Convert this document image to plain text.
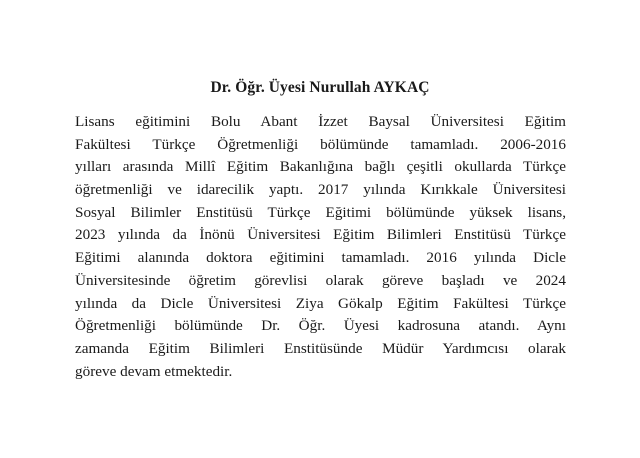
Dr. Öğr. Üyesi Nurullah AYKAÇ
Lisans eğitimini Bolu Abant İzzet Baysal Üniversitesi Eğitim
Fakültesi Türkçe Öğretmenliği bölümünde tamamladı. 2006-2016
yılları arasında Millî Eğitim Bakanlığına bağlı çeşitli okullarda Türkçe
öğretmenliği ve idarecilik yaptı. 2017 yılında Kırıkkale Üniversitesi
Sosyal Bilimler Enstitüsü Türkçe Eğitimi bölümünde yüksek lisans,
2023 yılında da İnönü Üniversitesi Eğitim Bilimleri Enstitüsü Türkçe
Eğitimi alanında doktora eğitimini tamamladı. 2016 yılında Dicle
Üniversitesinde öğretim görevlisi olarak göreve başladı ve 2024
yılında da Dicle Üniversitesi Ziya Gökalp Eğitim Fakültesi Türkçe
Öğretmenliği bölümünde Dr. Öğr. Üyesi kadrosuna atandı. Aynı
zamanda Eğitim Bilimleri Enstitüsünde Müdür Yardımcısı olarak
göreve devam etmektedir.
